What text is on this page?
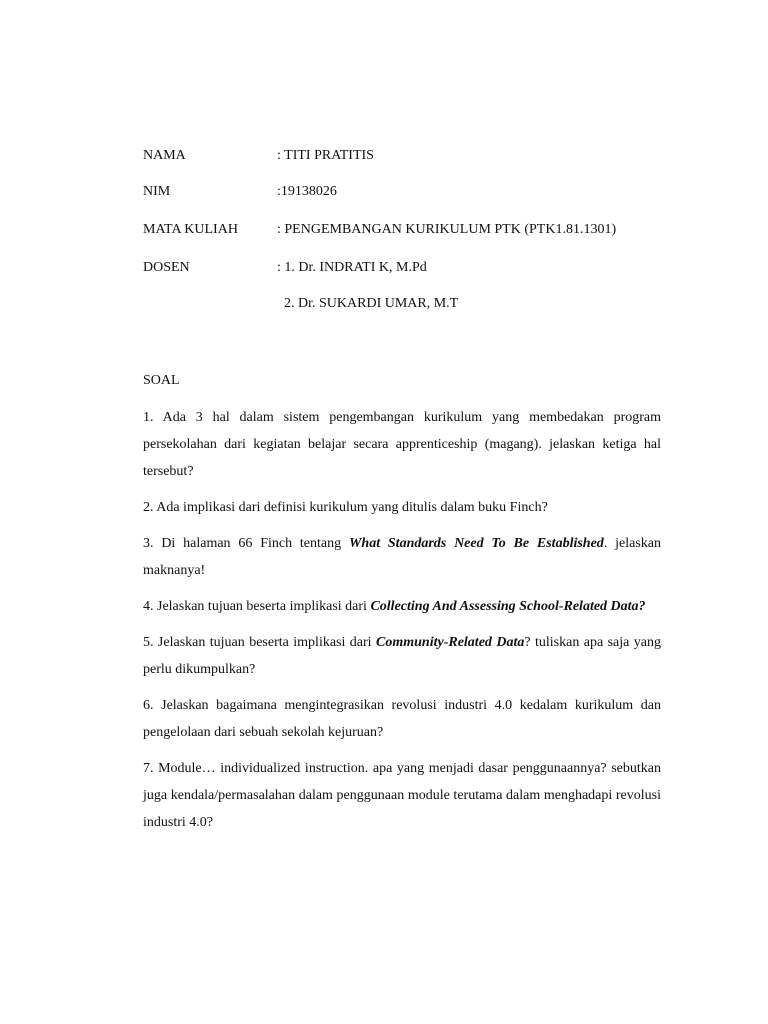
NAMA	: TITI PRATITIS
NIM	:19138026
MATA KULIAH	: PENGEMBANGAN KURIKULUM PTK (PTK1.81.1301)
DOSEN	: 1. Dr. INDRATI K, M.Pd
2. Dr. SUKARDI UMAR, M.T
SOAL
1. Ada 3 hal dalam sistem pengembangan kurikulum yang membedakan program persekolahan dari kegiatan belajar secara apprenticeship (magang). jelaskan ketiga hal tersebut?
2. Ada implikasi dari definisi kurikulum yang ditulis dalam buku Finch?
3. Di halaman 66 Finch tentang What Standards Need To Be Established. jelaskan maknanya!
4. Jelaskan tujuan beserta implikasi dari Collecting And Assessing School-Related Data?
5. Jelaskan tujuan beserta implikasi dari Community-Related Data? tuliskan apa saja yang perlu dikumpulkan?
6. Jelaskan bagaimana mengintegrasikan revolusi industri 4.0 kedalam kurikulum dan pengelolaan dari sebuah sekolah kejuruan?
7. Module… individualized instruction. apa yang menjadi dasar penggunaannya? sebutkan juga kendala/permasalahan dalam penggunaan module terutama dalam menghadapi revolusi industri 4.0?
